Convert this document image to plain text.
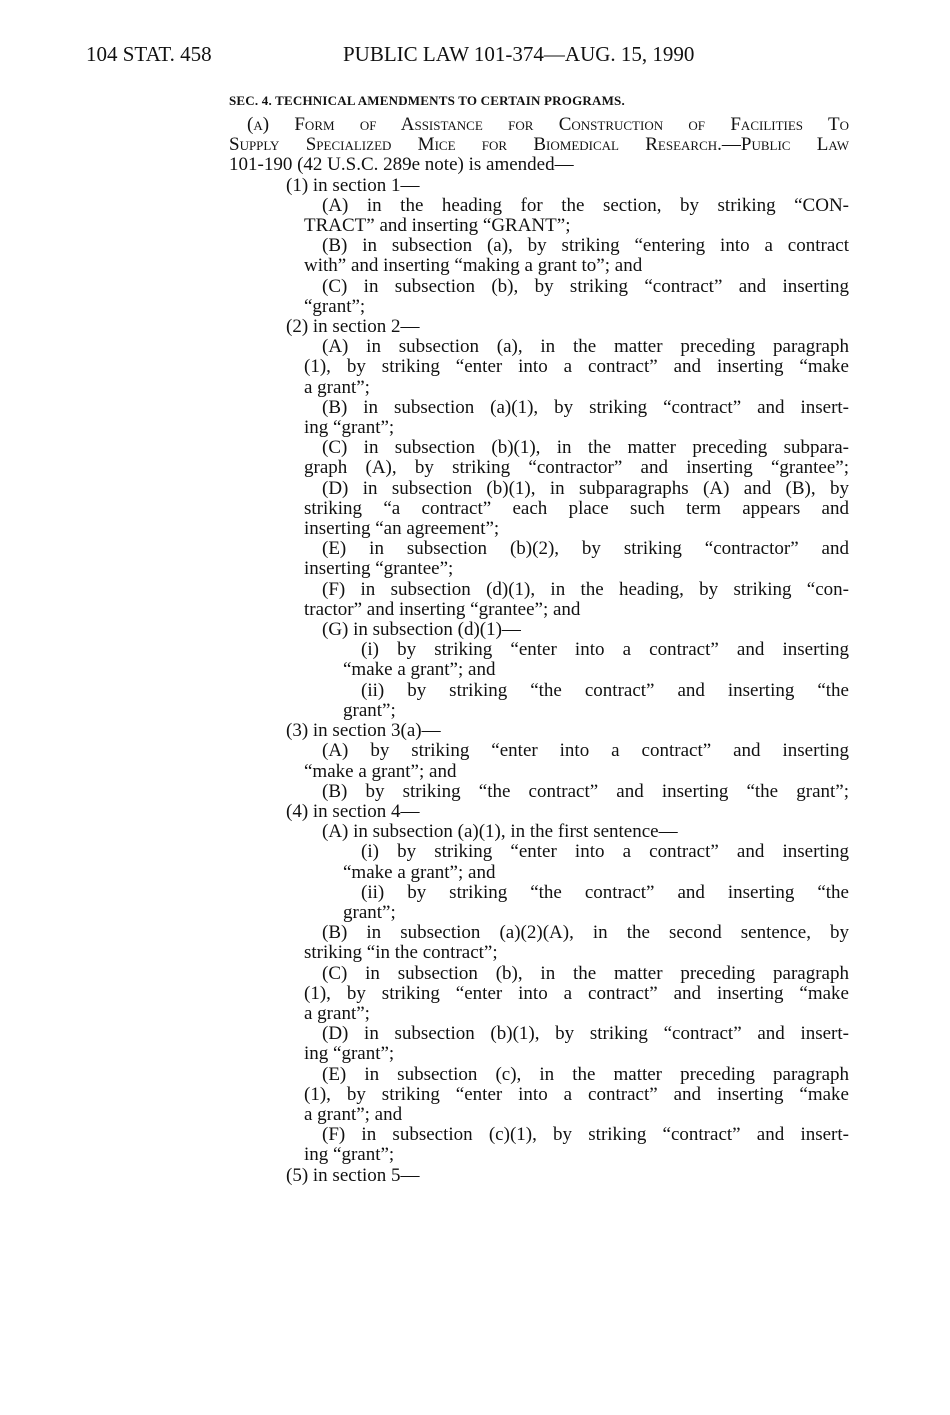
104 STAT. 458	PUBLIC LAW 101-374—AUG. 15, 1990
SEC. 4. TECHNICAL AMENDMENTS TO CERTAIN PROGRAMS.
(a) Form of Assistance for Construction of Facilities To
Supply Specialized Mice for Biomedical Research.—Public Law
101-190 (42 U.S.C. 289e note) is amended—
(1) in section 1—
(A) in the heading for the section, by striking “CON-
TRACT” and inserting “GRANT”;
(B) in subsection (a), by striking “entering into a contract
with” and inserting “making a grant to”; and
(C) in subsection (b), by striking “contract” and inserting
“grant”;
(2) in section 2—
(A) in subsection (a), in the matter preceding paragraph
(1), by striking “enter into a contract” and inserting “make
a grant”;
(B) in subsection (a)(1), by striking “contract” and insert-
ing “grant”;
(C) in subsection (b)(1), in the matter preceding subpara-
graph (A), by striking “contractor” and inserting “grantee”;
(D) in subsection (b)(1), in subparagraphs (A) and (B), by
striking “a contract” each place such term appears and
inserting “an agreement”;
(E) in subsection (b)(2), by striking “contractor” and
inserting “grantee”;
(F) in subsection (d)(1), in the heading, by striking “con-
tractor” and inserting “grantee”; and
(G) in subsection (d)(1)—
(i) by striking “enter into a contract” and inserting
“make a grant”; and
(ii) by striking “the contract” and inserting “the
grant”;
(3) in section 3(a)—
(A) by striking “enter into a contract” and inserting
“make a grant”; and
(B) by striking “the contract” and inserting “the grant”;
(4) in section 4—
(A) in subsection (a)(1), in the first sentence—
(i) by striking “enter into a contract” and inserting
“make a grant”; and
(ii) by striking “the contract” and inserting “the
grant”;
(B) in subsection (a)(2)(A), in the second sentence, by
striking “in the contract”;
(C) in subsection (b), in the matter preceding paragraph
(1), by striking “enter into a contract” and inserting “make
a grant”;
(D) in subsection (b)(1), by striking “contract” and insert-
ing “grant”;
(E) in subsection (c), in the matter preceding paragraph
(1), by striking “enter into a contract” and inserting “make
a grant”; and
(F) in subsection (c)(1), by striking “contract” and insert-
ing “grant”;
(5) in section 5—
